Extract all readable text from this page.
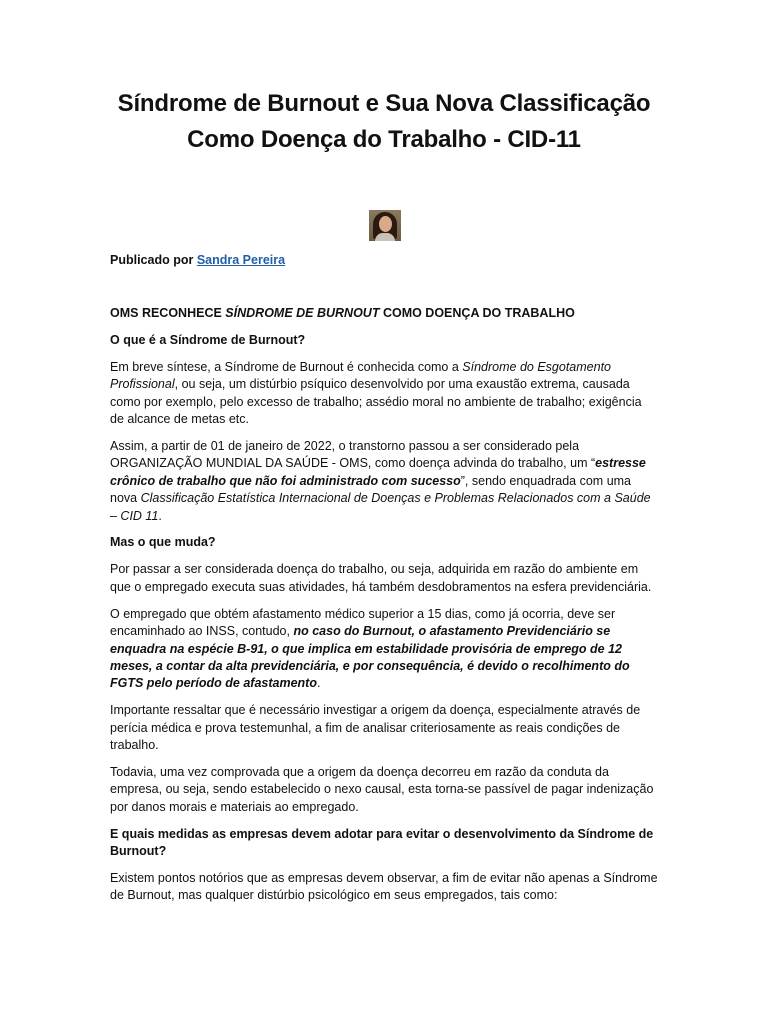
Síndrome de Burnout e Sua Nova Classificação
Como Doença do Trabalho - CID-11
Publicado por Sandra Pereira

OMS RECONHECE SÍNDROME DE BURNOUT COMO DOENÇA DO TRABALHO

O que é a Síndrome de Burnout?

Em breve síntese, a Síndrome de Burnout é conhecida como a Síndrome do Esgotamento Profissional, ou seja, um distúrbio psíquico desenvolvido por uma exaustão extrema, causada como por exemplo, pelo excesso de trabalho; assédio moral no ambiente de trabalho; exigência de alcance de metas etc.

Assim, a partir de 01 de janeiro de 2022, o transtorno passou a ser considerado pela ORGANIZAÇÃO MUNDIAL DA SAÚDE - OMS, como doença advinda do trabalho, um “estresse crônico de trabalho que não foi administrado com sucesso”, sendo enquadrada com uma nova Classificação Estatística Internacional de Doenças e Problemas Relacionados com a Saúde – CID 11.

Mas o que muda?

Por passar a ser considerada doença do trabalho, ou seja, adquirida em razão do ambiente em que o empregado executa suas atividades, há também desdobramentos na esfera previdenciária.

O empregado que obtém afastamento médico superior a 15 dias, como já ocorria, deve ser encaminhado ao INSS, contudo, no caso do Burnout, o afastamento Previdenciário se enquadra na espécie B-91, o que implica em estabilidade provisória de emprego de 12 meses, a contar da alta previdenciária, e por consequência, é devido o recolhimento do FGTS pelo período de afastamento.

Importante ressaltar que é necessário investigar a origem da doença, especialmente através de perícia médica e prova testemunhal, a fim de analisar criteriosamente as reais condições de trabalho.

Todavia, uma vez comprovada que a origem da doença decorreu em razão da conduta da empresa, ou seja, sendo estabelecido o nexo causal, esta torna-se passível de pagar indenização por danos morais e materiais ao empregado.

E quais medidas as empresas devem adotar para evitar o desenvolvimento da Síndrome de Burnout?

Existem pontos notórios que as empresas devem observar, a fim de evitar não apenas a Síndrome de Burnout, mas qualquer distúrbio psicológico em seus empregados, tais como:
